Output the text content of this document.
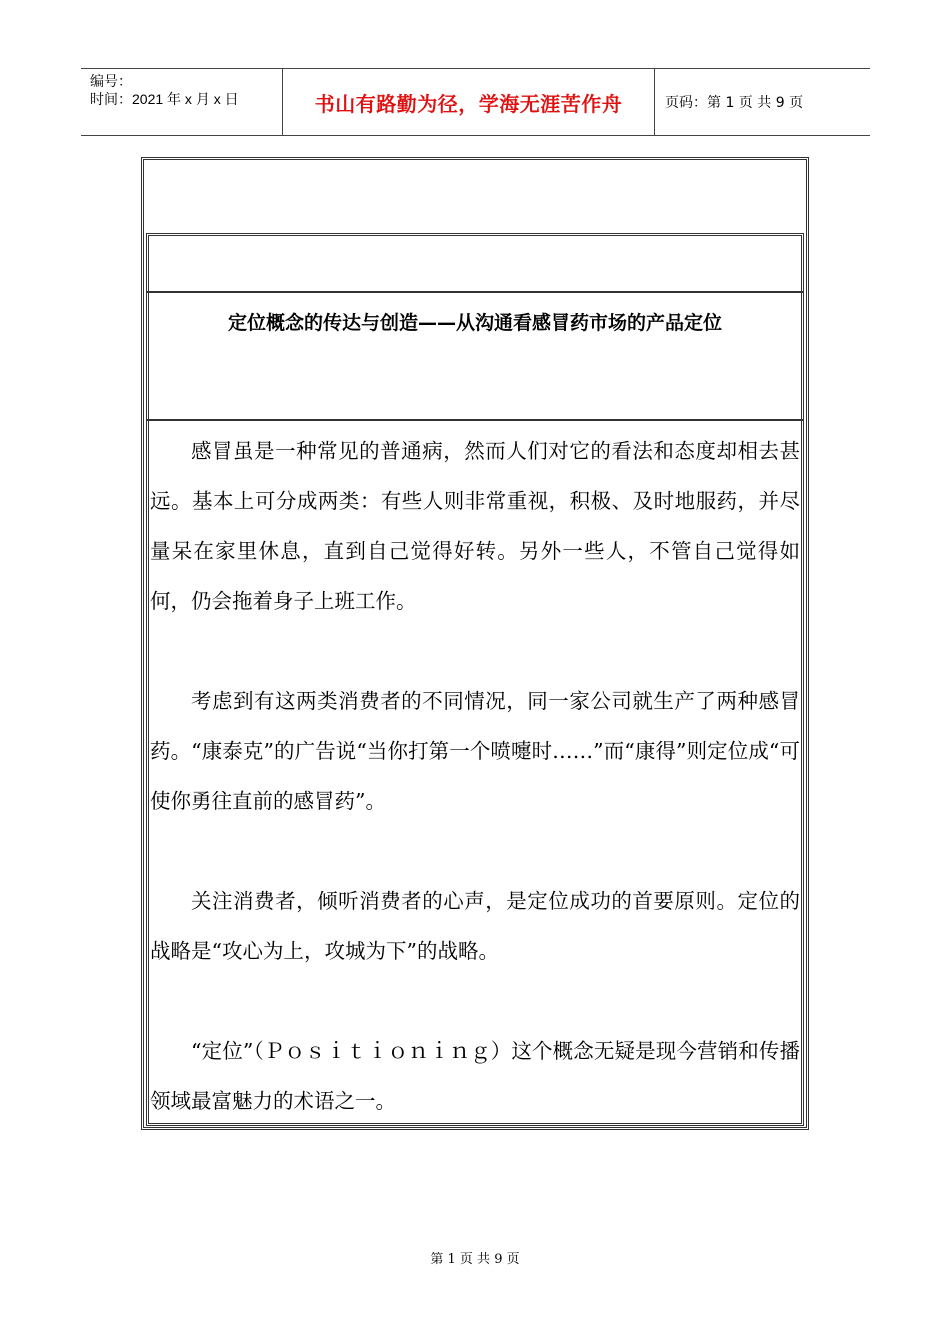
编号：
时间：2021 年 x 月 x 日	书山有路勤为径，学海无涯苦作舟	页码：第 1 页 共 9 页
定位概念的传达与创造——从沟通看感冒药市场的产品定位

感冒虽是一种常见的普通病，然而人们对它的看法和态度却相去甚远。基本上可分成两类：有些人则非常重视，积极、及时地服药，并尽量呆在家里休息，直到自己觉得好转。另外一些人，不管自己觉得如何，仍会拖着身子上班工作。

考虑到有这两类消费者的不同情况，同一家公司就生产了两种感冒药。“康泰克”的广告说“当你打第一个喷嚏时……”而“康得”则定位成“可使你勇往直前的感冒药”。

关注消费者，倾听消费者的心声，是定位成功的首要原则。定位的战略是“攻心为上，攻城为下”的战略。

“定位”（Ｐｏｓｉｔｉｏｎｉｎｇ）这个概念无疑是现今营销和传播领域最富魅力的术语之一。

第 1 页 共 9 页
